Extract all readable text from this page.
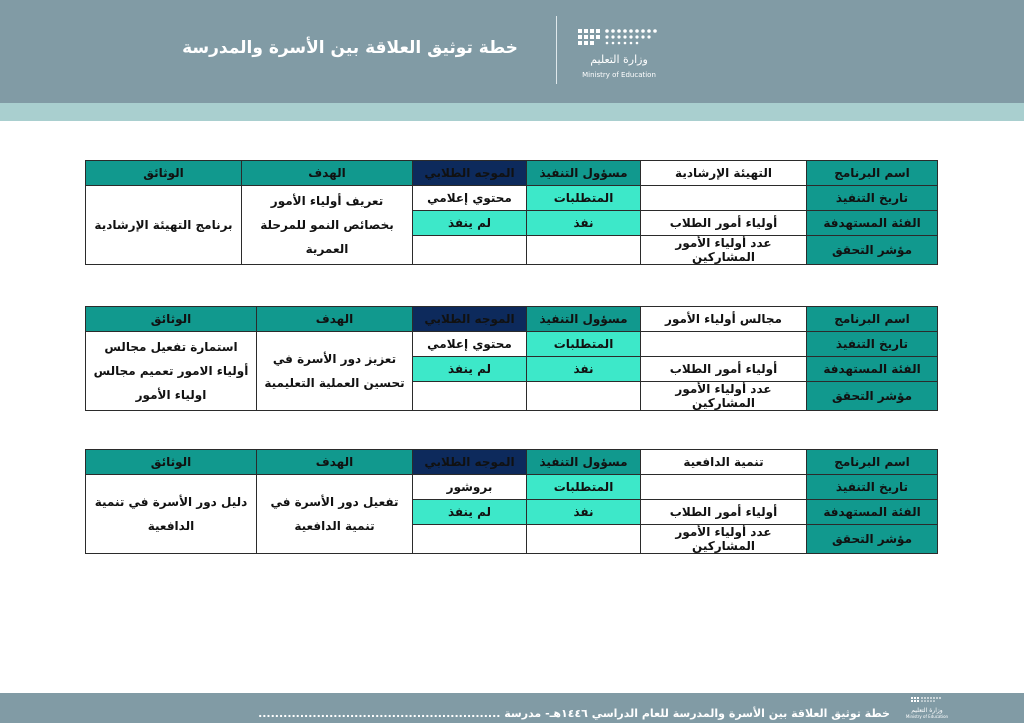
خطة توثيق العلاقة بين الأسرة والمدرسة
وزارة التعليم
Ministry of Education
اسم البرنامج	التهيئة الإرشادية	مسؤول التنفيذ	الموجه الطلابي	الهدف	الوثائق
تاريخ التنفيذ		المتطلبات	محتوي إعلامي	تعريف أولياء الأمور بخصائص النمو للمرحلة العمرية	برنامج التهيئة الإرشادية
الفئة المستهدفة	أولياء أمور الطلاب	نفذ	لم ينفذ		
مؤشر التحقق	عدد أولياء الأمور المشاركين				
اسم البرنامج	مجالس أولياء الأمور	مسؤول التنفيذ	الموجه الطلابي	الهدف	الوثائق
تاريخ التنفيذ		المتطلبات	محتوي إعلامي	تعزيز دور الأسرة في تحسين العملية التعليمية	استمارة تفعيل مجالس أولياء الامور تعميم مجالس اولياء الأمور
الفئة المستهدفة	أولياء أمور الطلاب	نفذ	لم ينفذ		
مؤشر التحقق	عدد أولياء الأمور المشاركين				
اسم البرنامج	تنمية الدافعية	مسؤول التنفيذ	الموجه الطلابي	الهدف	الوثائق
تاريخ التنفيذ		المتطلبات	بروشور	تفعيل دور الأسرة في تنمية الدافعية	دليل دور الأسرة في تنمية الدافعية
الفئة المستهدفة	أولياء أمور الطلاب	نفذ	لم ينفذ		
مؤشر التحقق	عدد أولياء الأمور المشاركين				
خطة توثيق العلاقة بين الأسرة والمدرسة للعام الدراسي ١٤٤٦هـ- مدرسة ..........................................................	وزارة التعليم
Ministry of Education
